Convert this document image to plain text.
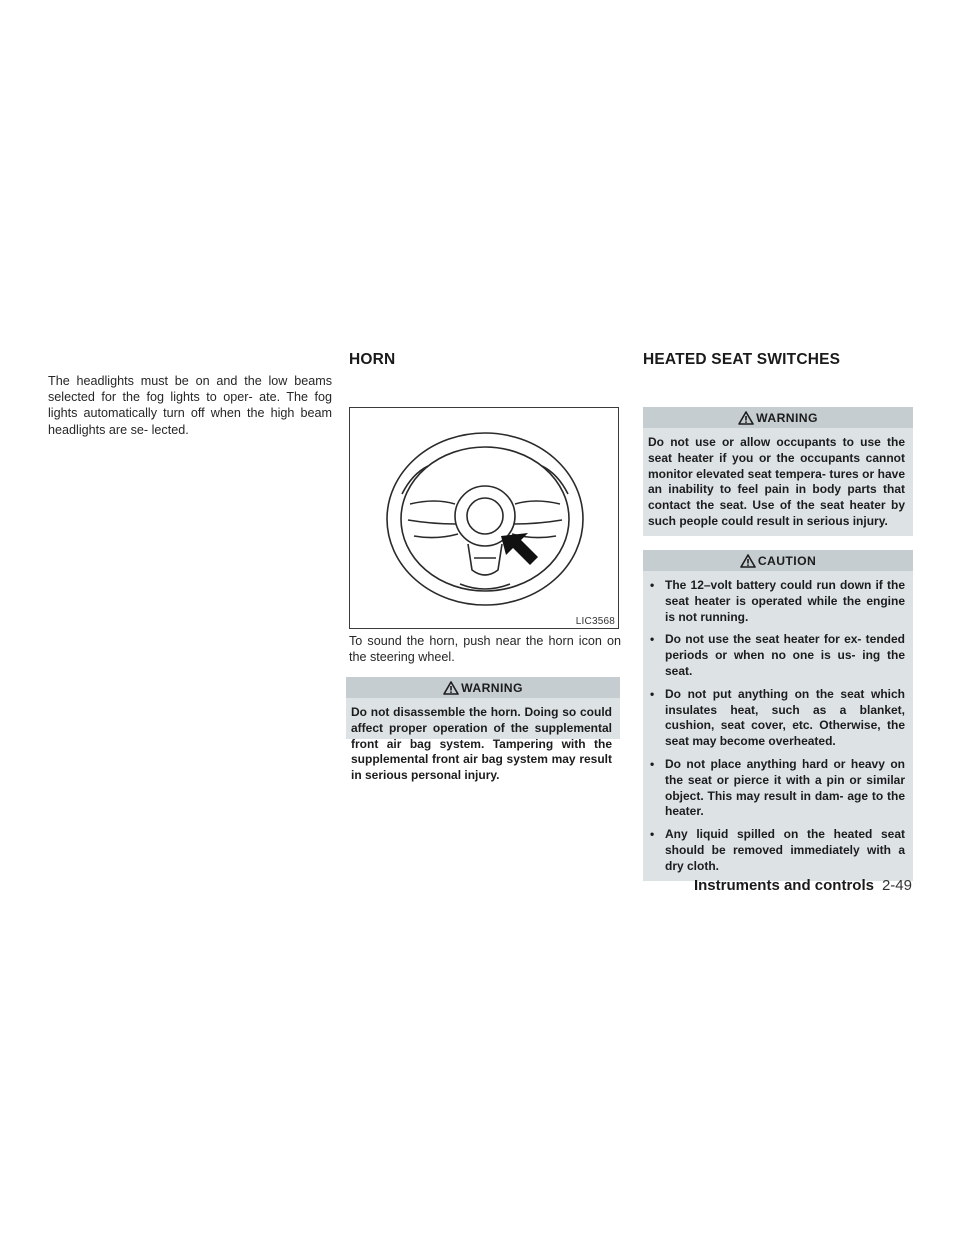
HORN	HEATED SEAT SWITCHES

The headlights must be on and the low beams selected for the fog lights to oper- ate. The fog lights automatically turn off when the high beam headlights are se- lected.

LIC3568

To sound the horn, push near the horn icon on the steering wheel.

WARNING
Do not disassemble the horn. Doing so could affect proper operation of the supplemental front air bag system. Tampering with the supplemental front air bag system may result in serious personal injury.
WARNING
Do not use or allow occupants to use the seat heater if you or the occupants cannot monitor elevated seat tempera- tures or have an inability to feel pain in body parts that contact the seat. Use of the seat heater by such people could result in serious injury.
CAUTION
• The 12–volt battery could run down if the seat heater is operated while the engine is not running.
• Do not use the seat heater for ex- tended periods or when no one is us- ing the seat.
• Do not put anything on the seat which insulates heat, such as a blanket, cushion, seat cover, etc. Otherwise, the seat may become overheated.
• Do not place anything hard or heavy on the seat or pierce it with a pin or similar object. This may result in dam- age to the heater.
• Any liquid spilled on the heated seat should be removed immediately with a dry cloth.
Instruments and controls 2-49
